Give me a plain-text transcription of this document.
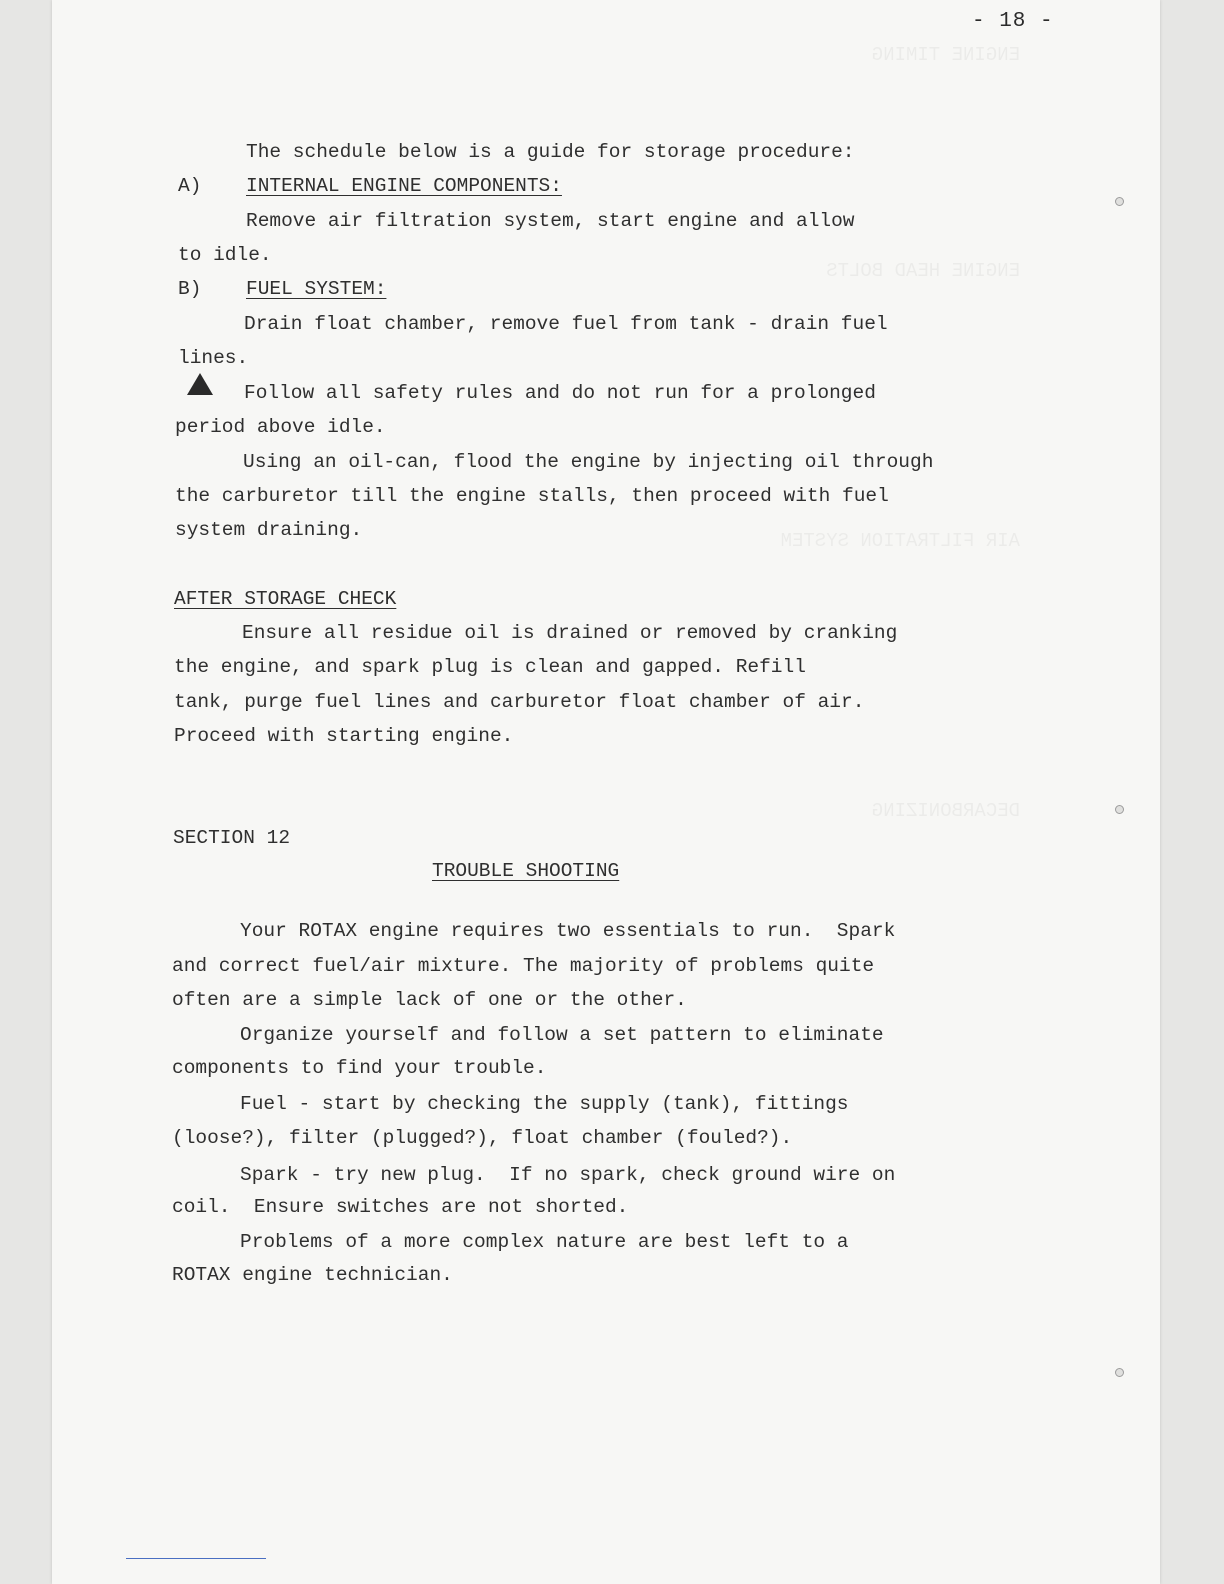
- 18 -
The schedule below is a guide for storage procedure:
A) INTERNAL ENGINE COMPONENTS:
Remove air filtration system, start engine and allow
to idle.
B) FUEL SYSTEM:
Drain float chamber, remove fuel from tank - drain fuel
lines.
Follow all safety rules and do not run for a prolonged
period above idle.
Using an oil-can, flood the engine by injecting oil through
the carburetor till the engine stalls, then proceed with fuel
system draining.
AFTER STORAGE CHECK
Ensure all residue oil is drained or removed by cranking
the engine, and spark plug is clean and gapped. Refill
tank, purge fuel lines and carburetor float chamber of air.
Proceed with starting engine.
SECTION 12
TROUBLE SHOOTING
Your ROTAX engine requires two essentials to run.  Spark
and correct fuel/air mixture. The majority of problems quite
often are a simple lack of one or the other.
Organize yourself and follow a set pattern to eliminate
components to find your trouble.
Fuel - start by checking the supply (tank), fittings
(loose?), filter (plugged?), float chamber (fouled?).
Spark - try new plug.  If no spark, check ground wire on
coil.  Ensure switches are not shorted.
Problems of a more complex nature are best left to a
ROTAX engine technician.
